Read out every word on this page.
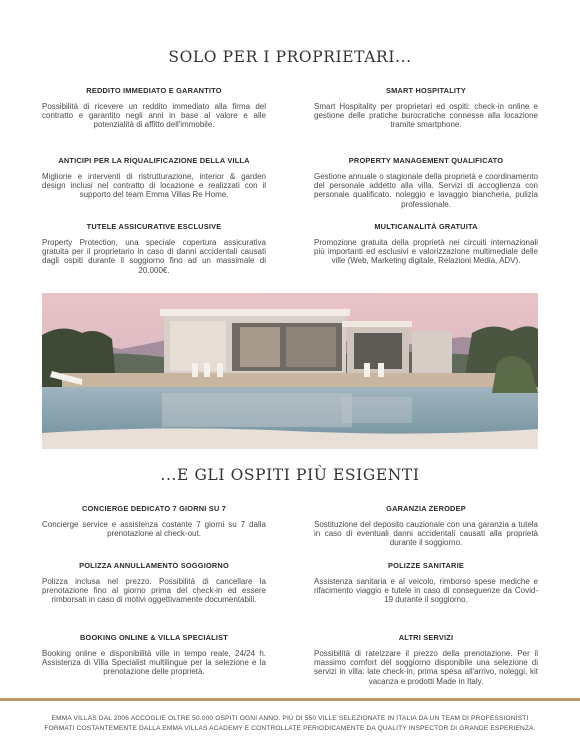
SOLO PER I PROPRIETARI...
REDDITO IMMEDIATO E GARANTITO
Possibilità di ricevere un reddito immediato alla firma del contratto e garantito negli anni in base al valore e alle potenzialità di affitto dell'immobile.
SMART HOSPITALITY
Smart Hospitality per proprietari ed ospiti: check-in online e gestione delle pratiche burocratiche connesse alla locazione tramite smartphone.
ANTICIPI PER LA RIQUALIFICAZIONE DELLA VILLA
Migliorie e interventi di ristrutturazione, interior & garden design inclusi nel contratto di locazione e realizzati con il supporto del team Emma Villas Re Home.
PROPERTY MANAGEMENT QUALIFICATO
Gestione annuale o stagionale della proprietà e coordinamento del personale addetto alla villa. Servizi di accoglienza con personale qualificato, noleggio e lavaggio biancheria, pulizia professionale.
TUTELE ASSICURATIVE ESCLUSIVE
Property Protection, una speciale copertura assicurativa gratuita per il proprietario in caso di danni accidentali causati dagli ospiti durante il soggiorno fino ad un massimale di 20.000€.
MULTICANALITÀ GRATUITA
Promozione gratuita della proprietà nei circuiti internazionali più importanti ed esclusivi e valorizzazione multimediale delle ville (Web, Marketing digitale, Relazioni Media, ADV).
...E GLI OSPITI PIÙ ESIGENTI
CONCIERGE DEDICATO 7 GIORNI SU 7
Concierge service e assistenza costante 7 giorni su 7 dalla prenotazione al check-out.
GARANZIA ZERODEP
Sostituzione del deposito cauzionale con una garanzia a tutela in caso di eventuali danni accidentali causati alla proprietà durante il soggiorno.
POLIZZA ANNULLAMENTO SOGGIORNO
Polizza inclusa nel prezzo. Possibilità di cancellare la prenotazione fino al giorno prima del check-in ed essere rimborsati in caso di motivi oggettivamente documentabili.
POLIZZE SANITARIE
Assistenza sanitaria e al veicolo, rimborso spese mediche e rifacimento viaggio e tutele in caso di conseguenze da Covid-19 durante il soggiorno.
BOOKING ONLINE & VILLA SPECIALIST
Booking online e disponibilità ville in tempo reale, 24/24 h. Assistenza di Villa Specialist multilingue per la selezione e la prenotazione delle proprietà.
ALTRI SERVIZI
Possibilità di rateizzare il prezzo della prenotazione. Per il massimo comfort del soggiorno disponibile una selezione di servizi in villa: late check-in, prima spesa all'arrivo, noleggi, kit vacanza e prodotti Made in Italy.
EMMA VILLAS DAL 2006 ACCOGLIE OLTRE 50.000 OSPITI OGNI ANNO. PIÙ DI 550 VILLE SELEZIONATE IN ITALIA DA UN TEAM DI PROFESSIONISTI
FORMATI COSTANTEMENTE DALLA EMMA VILLAS ACADEMY E CONTROLLATE PERIODICAMENTE DA QUALITY INSPECTOR DI GRANDE ESPERIENZA.
